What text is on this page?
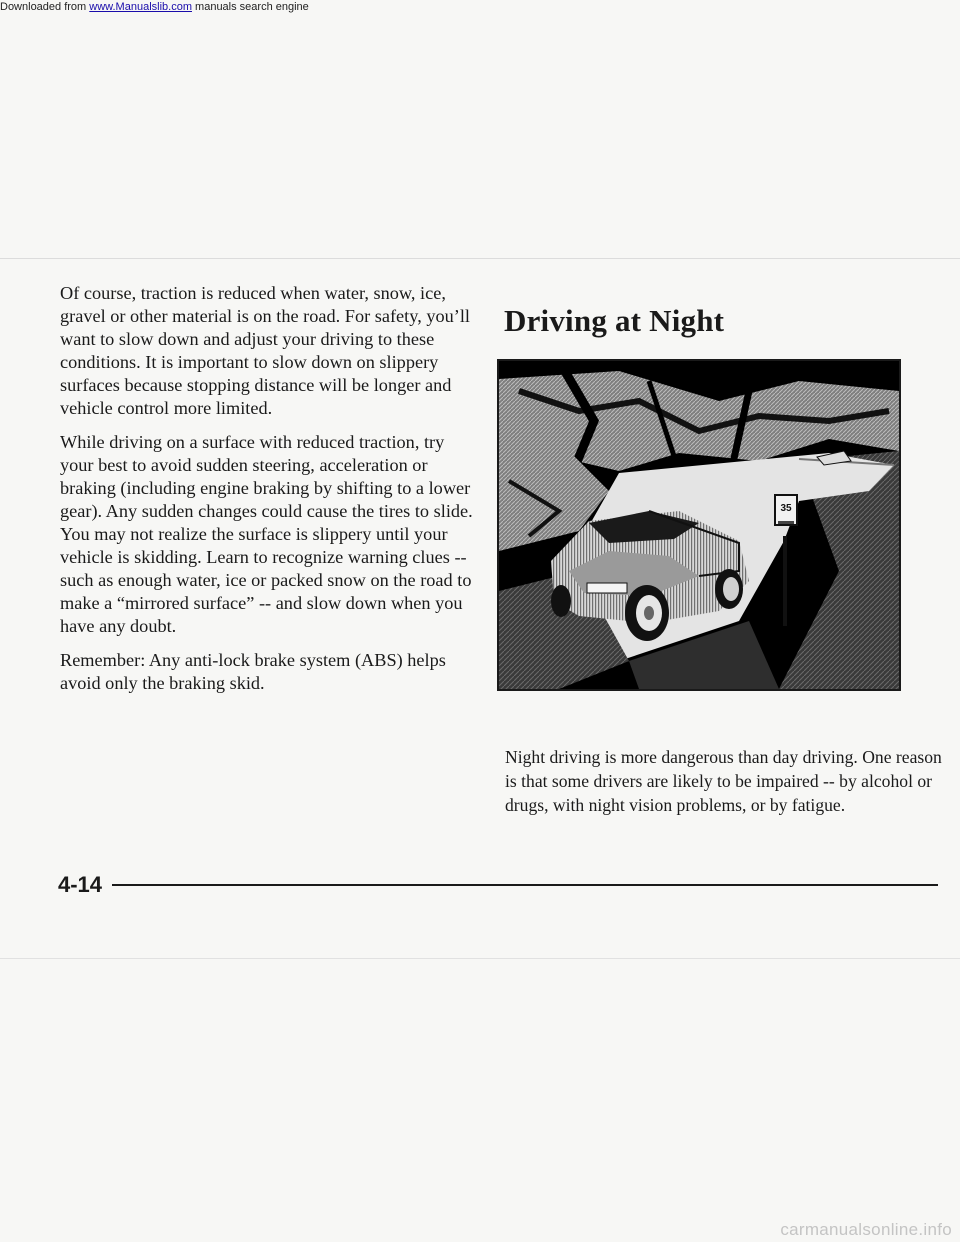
Downloaded from www.Manualslib.com manuals search engine

Of course, traction is reduced when water, snow, ice, gravel or other material is on the road. For safety, you’ll want to slow down and adjust your driving to these conditions. It is important to slow down on slippery surfaces because stopping distance will be longer and vehicle control more limited.

While driving on a surface with reduced traction, try your best to avoid sudden steering, acceleration or braking (including engine braking by shifting to a lower gear). Any sudden changes could cause the tires to slide. You may not realize the surface is slippery until your vehicle is skidding. Learn to recognize warning clues -- such as enough water, ice or packed snow on the road to make a “mirrored surface” -- and slow down when you have any doubt.

Remember: Any anti-lock brake system (ABS) helps avoid only the braking skid.

Driving at Night
35

Night driving is more dangerous than day driving. One reason is that some drivers are likely to be impaired -- by alcohol or drugs, with night vision problems, or by fatigue.

4-14

carmanualsonline.info
